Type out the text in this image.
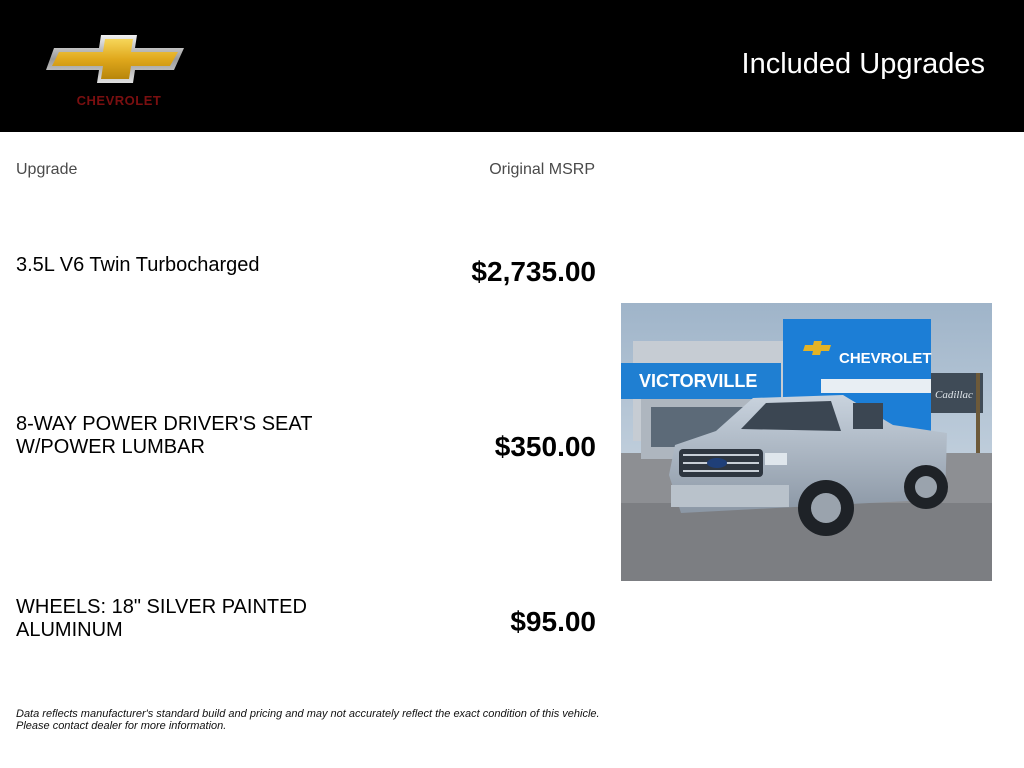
CHEVROLET
Included Upgrades
Upgrade	Original MSRP
3.5L V6 Twin Turbocharged	$2,735.00
8-WAY POWER DRIVER'S SEAT W/POWER LUMBAR	$350.00
WHEELS: 18" SILVER PAINTED ALUMINUM	$95.00
VICTORVILLE
CHEVROLET
Cadillac
Data reflects manufacturer's standard build and pricing and may not accurately reflect the exact condition of this vehicle.
Please contact dealer for more information.
